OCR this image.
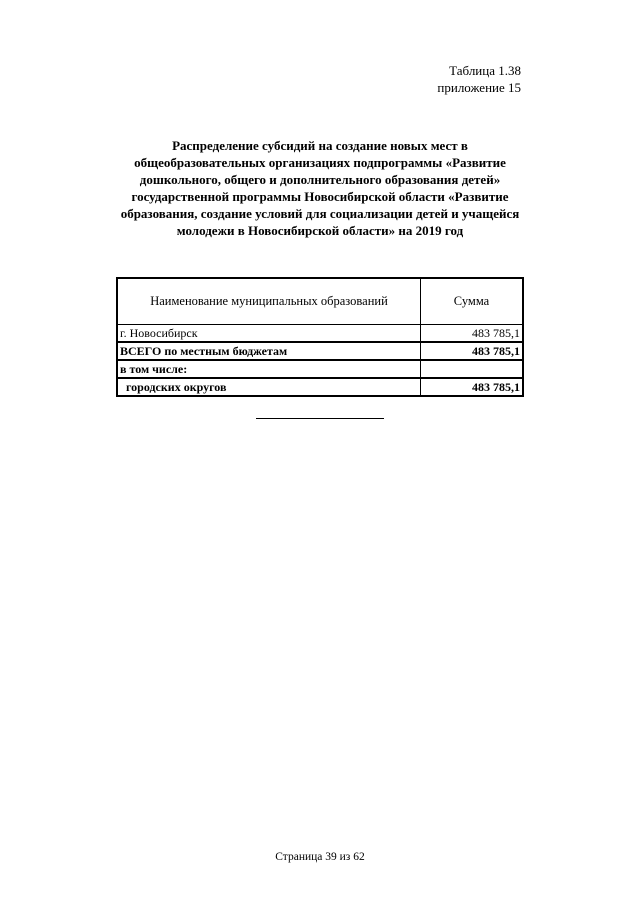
Таблица 1.38
приложение 15
Распределение субсидий на создание новых мест в
общеобразовательных организациях подпрограммы «Развитие
дошкольного, общего и дополнительного образования детей»
государственной программы Новосибирской области «Развитие
образования, создание условий для социализации детей и учащейся
молодежи в Новосибирской области» на 2019 год
Наименование муниципальных образований	Сумма
г. Новосибирск	483 785,1
ВСЕГО по местным бюджетам	483 785,1
в том числе:	
городских округов	483 785,1
Страница 39 из 62
